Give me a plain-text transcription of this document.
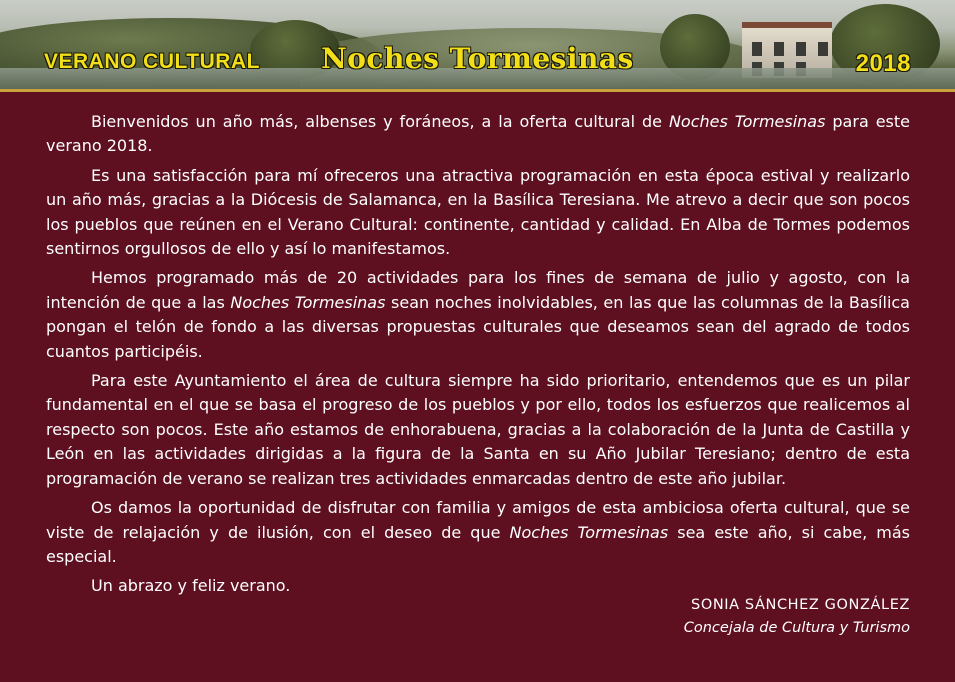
VERANO CULTURAL	Noches Tormesinas	2018

Bienvenidos un año más, albenses y foráneos, a la oferta cultural de Noches Tormesinas para este verano 2018.

Es una satisfacción para mí ofreceros una atractiva programación en esta época estival y realizarlo un año más, gracias a la Diócesis de Salamanca, en la Basílica Teresiana. Me atrevo a decir que son pocos los pueblos que reúnen en el Verano Cultural: continente, cantidad y calidad. En Alba de Tormes podemos sentirnos orgullosos de ello y así lo manifestamos.

Hemos programado más de 20 actividades para los fines de semana de julio y agosto, con la intención de que a las Noches Tormesinas sean noches inolvidables, en las que las columnas de la Basílica pongan el telón de fondo a las diversas propuestas culturales que deseamos sean del agrado de todos cuantos participéis.

Para este Ayuntamiento el área de cultura siempre ha sido prioritario, entendemos que es un pilar fundamental en el que se basa el progreso de los pueblos y por ello, todos los esfuerzos que realicemos al respecto son pocos. Este año estamos de enhorabuena, gracias a la colaboración de la Junta de Castilla y León en las actividades dirigidas a la figura de la Santa en su Año Jubilar Teresiano; dentro de esta programación de verano se realizan tres actividades enmarcadas dentro de este año jubilar.

Os damos la oportunidad de disfrutar con familia y amigos de esta ambiciosa oferta cultural, que se viste de relajación y de ilusión, con el deseo de que Noches Tormesinas sea este año, si cabe, más especial.

Un abrazo y feliz verano.

SONIA SÁNCHEZ GONZÁLEZ
Concejala de Cultura y Turismo
